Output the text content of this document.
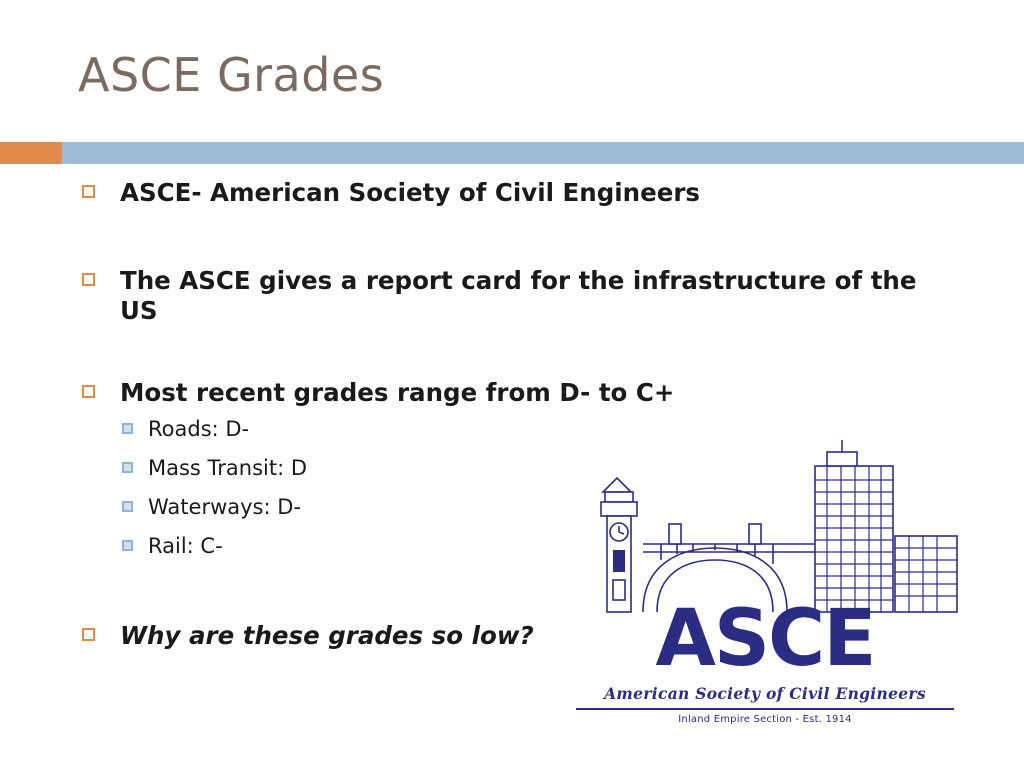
ASCE Grades
ASCE- American Society of Civil Engineers
The ASCE gives a report card for the infrastructure of the US
Most recent grades range from D- to C+
Roads: D-
Mass Transit: D
Waterways: D-
Rail: C-
Why are these grades so low?	ASCE
American Society of Civil Engineers
Inland Empire Section - Est. 1914
